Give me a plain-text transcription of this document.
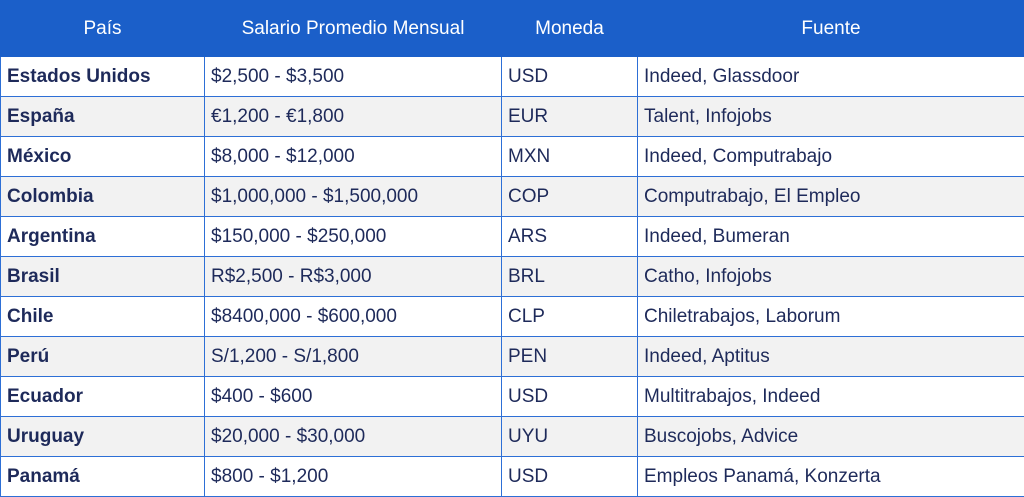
País	Salario Promedio Mensual	Moneda	Fuente
Estados Unidos	$2,500 - $3,500	USD	Indeed, Glassdoor
España	€1,200 - €1,800	EUR	Talent, Infojobs
México	$8,000 - $12,000	MXN	Indeed, Computrabajo
Colombia	$1,000,000 - $1,500,000	COP	Computrabajo, El Empleo
Argentina	$150,000 - $250,000	ARS	Indeed, Bumeran
Brasil	R$2,500 - R$3,000	BRL	Catho, Infojobs
Chile	$8400,000 - $600,000	CLP	Chiletrabajos, Laborum
Perú	S/1,200 - S/1,800	PEN	Indeed, Aptitus
Ecuador	$400 - $600	USD	Multitrabajos, Indeed
Uruguay	$20,000 - $30,000	UYU	Buscojobs, Advice
Panamá	$800 - $1,200	USD	Empleos Panamá, Konzerta
